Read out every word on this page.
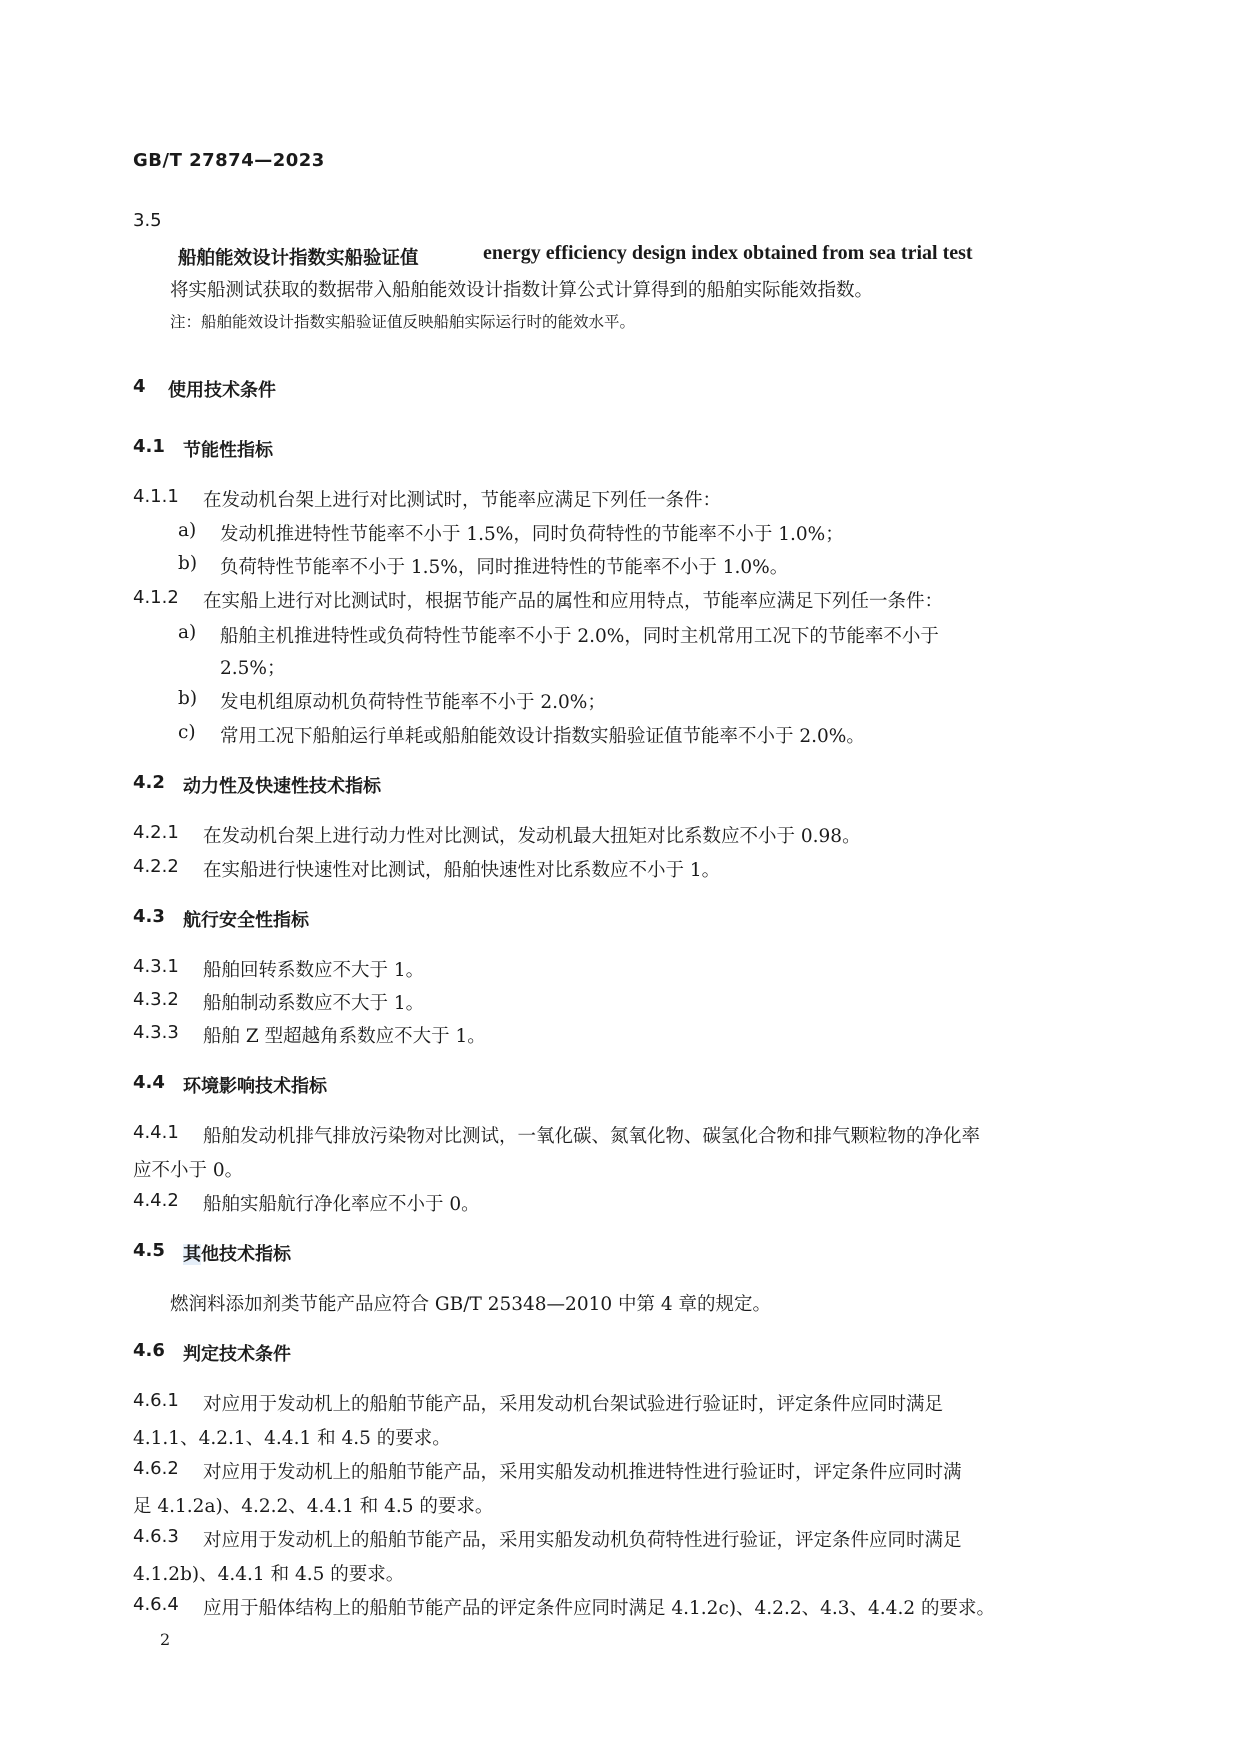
GB/T 27874—2023
3.5
船舶能效设计指数实船验证值	energy efficiency design index obtained from sea trial test
将实船测试获取的数据带入船舶能效设计指数计算公式计算得到的船舶实际能效指数。
注：船舶能效设计指数实船验证值反映船舶实际运行时的能效水平。
4 使用技术条件
4.1 节能性指标
4.1.1 在发动机台架上进行对比测试时，节能率应满足下列任一条件：
a) 发动机推进特性节能率不小于 1.5%，同时负荷特性的节能率不小于 1.0%；
b) 负荷特性节能率不小于 1.5%，同时推进特性的节能率不小于 1.0%。
4.1.2 在实船上进行对比测试时，根据节能产品的属性和应用特点，节能率应满足下列任一条件：
a) 船舶主机推进特性或负荷特性节能率不小于 2.0%，同时主机常用工况下的节能率不小于
2.5%；
b) 发电机组原动机负荷特性节能率不小于 2.0%；
c) 常用工况下船舶运行单耗或船舶能效设计指数实船验证值节能率不小于 2.0%。
4.2 动力性及快速性技术指标
4.2.1 在发动机台架上进行动力性对比测试，发动机最大扭矩对比系数应不小于 0.98。
4.2.2 在实船进行快速性对比测试，船舶快速性对比系数应不小于 1。
4.3 航行安全性指标
4.3.1 船舶回转系数应不大于 1。
4.3.2 船舶制动系数应不大于 1。
4.3.3 船舶 Z 型超越角系数应不大于 1。
4.4 环境影响技术指标
4.4.1 船舶发动机排气排放污染物对比测试，一氧化碳、氮氧化物、碳氢化合物和排气颗粒物的净化率
应不小于 0。
4.4.2 船舶实船航行净化率应不小于 0。
4.5 其他技术指标
燃润料添加剂类节能产品应符合 GB/T 25348—2010 中第 4 章的规定。
4.6 判定技术条件
4.6.1 对应用于发动机上的船舶节能产品，采用发动机台架试验进行验证时，评定条件应同时满足
4.1.1、4.2.1、4.4.1 和 4.5 的要求。
4.6.2 对应用于发动机上的船舶节能产品，采用实船发动机推进特性进行验证时，评定条件应同时满
足 4.1.2a)、4.2.2、4.4.1 和 4.5 的要求。
4.6.3 对应用于发动机上的船舶节能产品，采用实船发动机负荷特性进行验证，评定条件应同时满足
4.1.2b)、4.4.1 和 4.5 的要求。
4.6.4 应用于船体结构上的船舶节能产品的评定条件应同时满足 4.1.2c)、4.2.2、4.3、4.4.2 的要求。
2
